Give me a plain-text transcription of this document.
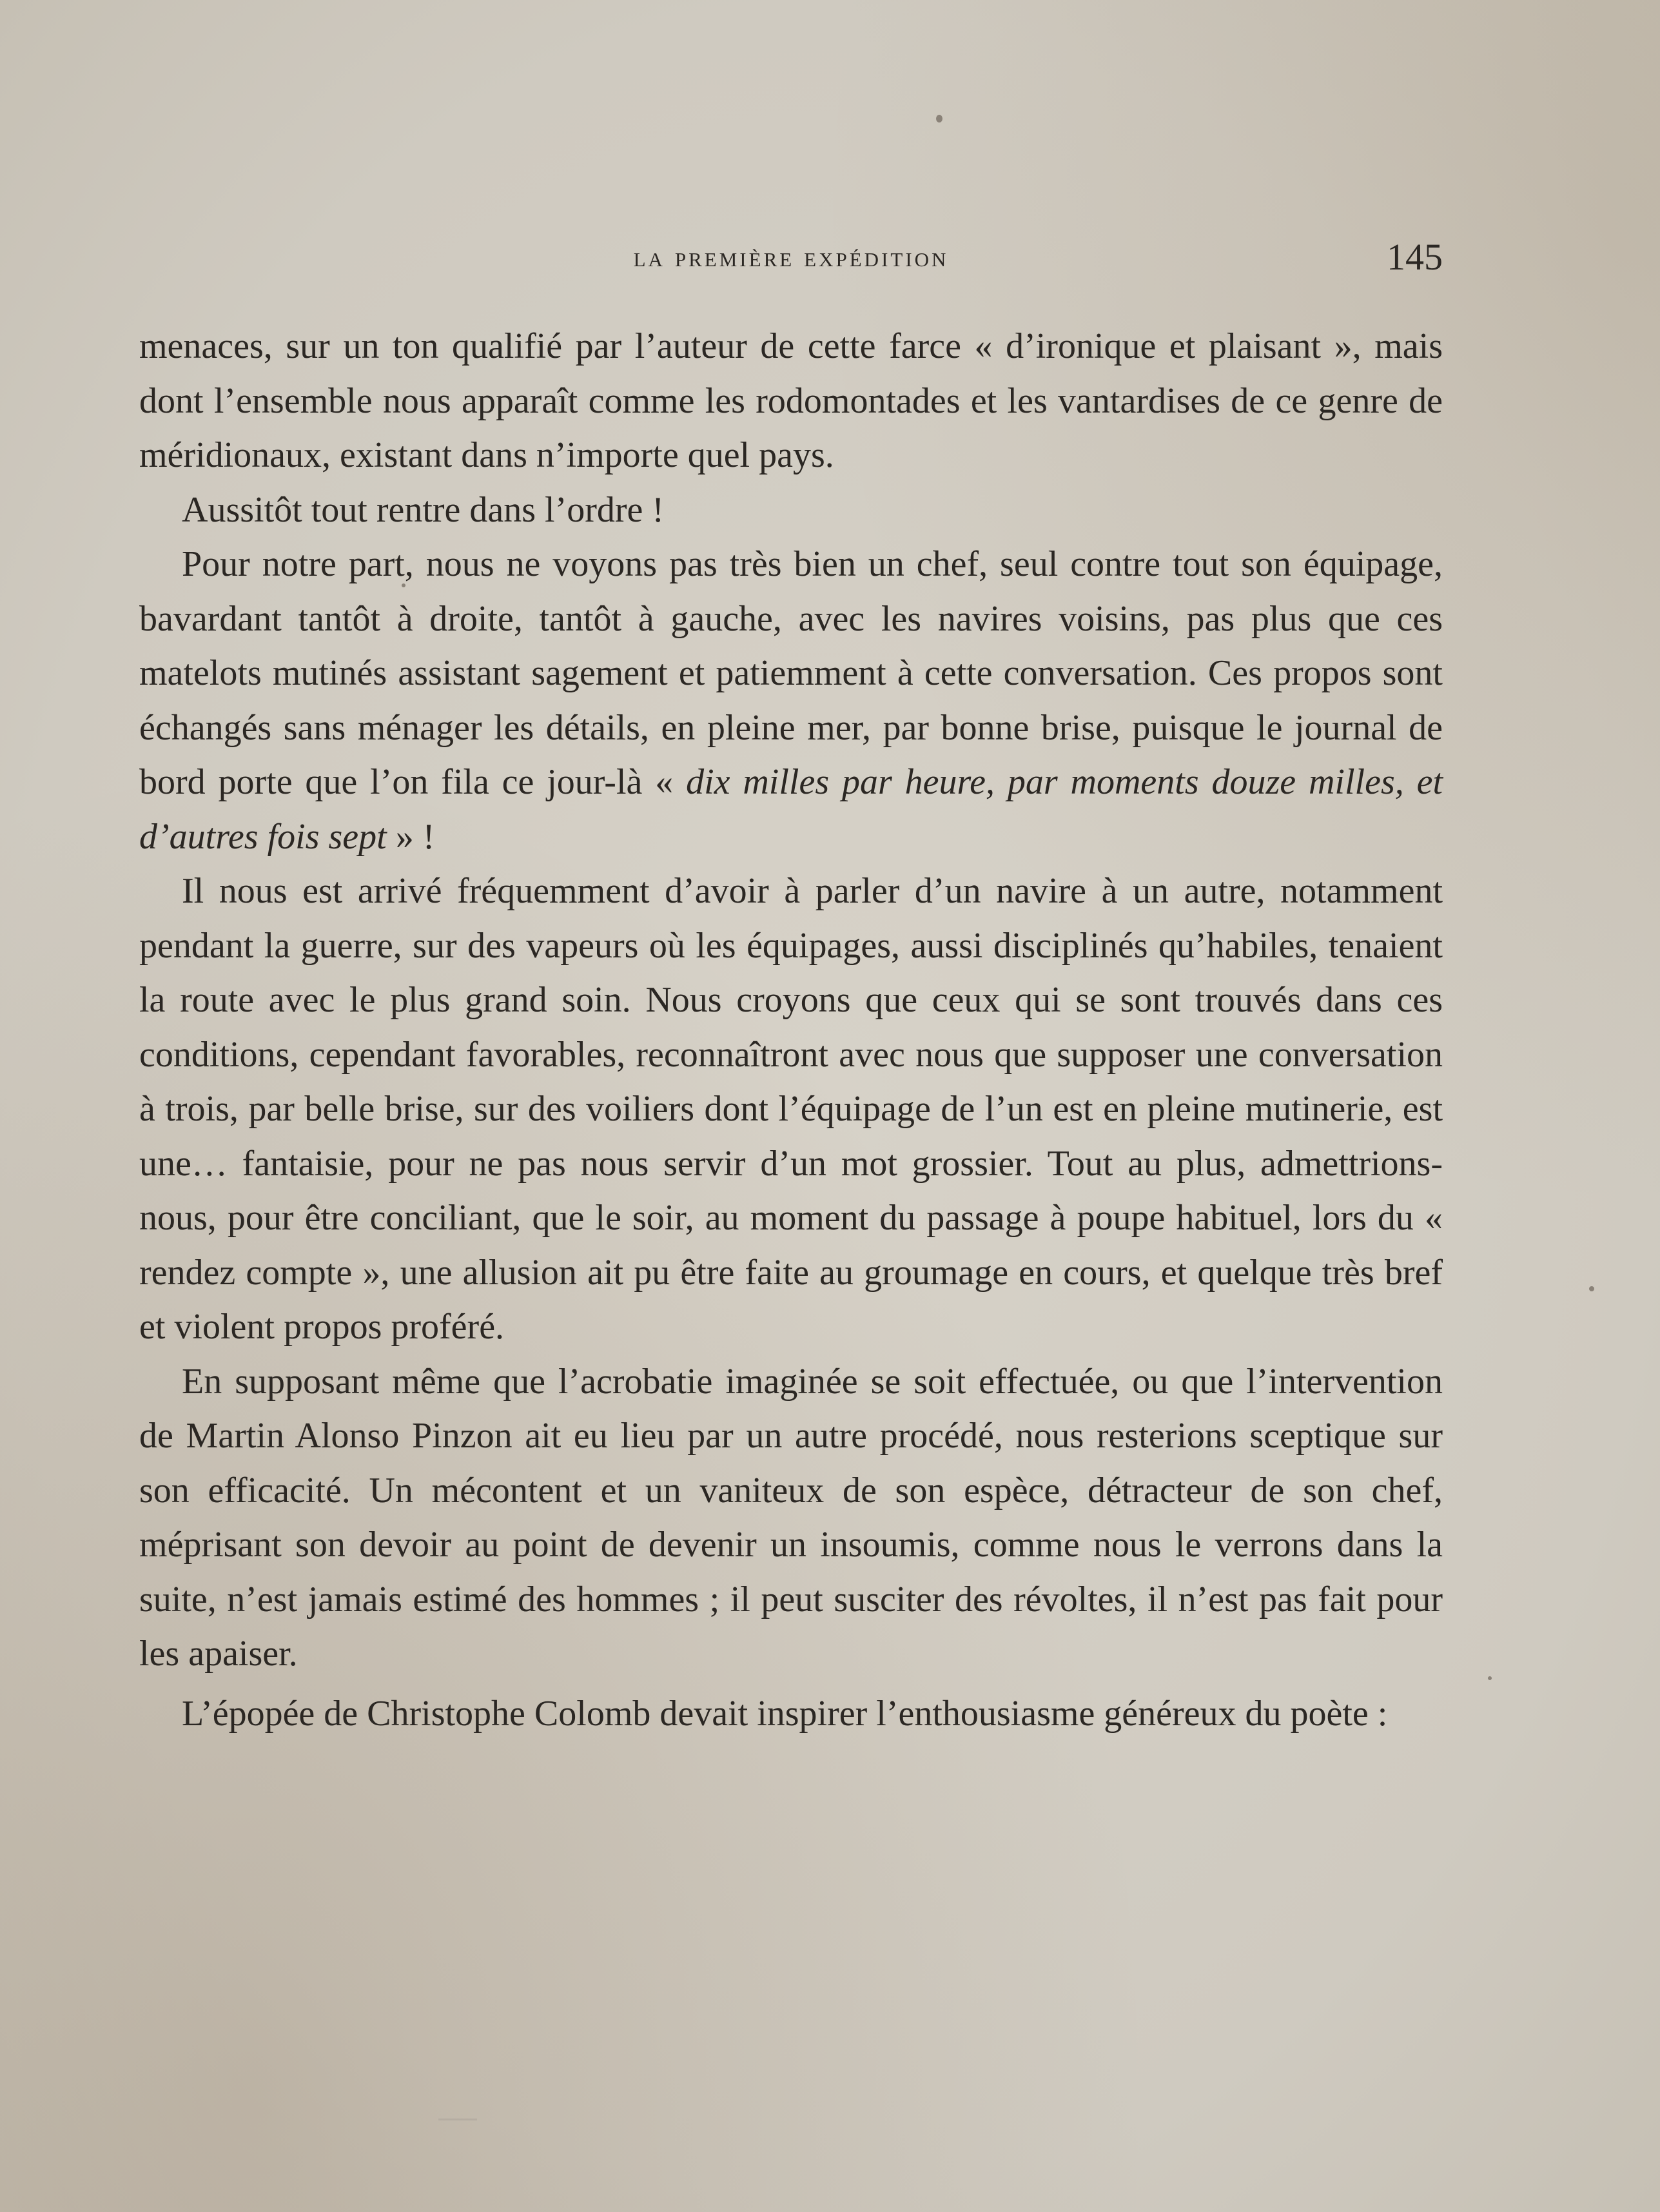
la première expédition	145

menaces, sur un ton qualifié par l’auteur de cette farce « d’ironique et plaisant », mais dont l’ensemble nous apparaît comme les rodomontades et les vantardises de ce genre de méridionaux, existant dans n’importe quel pays.

Aussitôt tout rentre dans l’ordre !

Pour notre part, nous ne voyons pas très bien un chef, seul contre tout son équipage, bavardant tantôt à droite, tantôt à gauche, avec les navires voisins, pas plus que ces matelots mutinés assistant sagement et patiemment à cette conversation. Ces propos sont échangés sans ménager les détails, en pleine mer, par bonne brise, puisque le journal de bord porte que l’on fila ce jour-là « dix milles par heure, par moments douze milles, et d’autres fois sept » !

Il nous est arrivé fréquemment d’avoir à parler d’un navire à un autre, notamment pendant la guerre, sur des vapeurs où les équipages, aussi disciplinés qu’habiles, tenaient la route avec le plus grand soin. Nous croyons que ceux qui se sont trouvés dans ces conditions, cependant favorables, reconnaîtront avec nous que supposer une conversation à trois, par belle brise, sur des voiliers dont l’équipage de l’un est en pleine mutinerie, est une… fantaisie, pour ne pas nous servir d’un mot grossier. Tout au plus, admettrions-nous, pour être conciliant, que le soir, au moment du passage à poupe habituel, lors du « rendez compte », une allusion ait pu être faite au groumage en cours, et quelque très bref et violent propos proféré.

En supposant même que l’acrobatie imaginée se soit effectuée, ou que l’intervention de Martin Alonso Pinzon ait eu lieu par un autre procédé, nous resterions sceptique sur son efficacité. Un mécontent et un vaniteux de son espèce, détracteur de son chef, méprisant son devoir au point de devenir un insoumis, comme nous le verrons dans la suite, n’est jamais estimé des hommes ; il peut susciter des révoltes, il n’est pas fait pour les apaiser.

L’épopée de Christophe Colomb devait inspirer l’enthousiasme généreux du poète :
